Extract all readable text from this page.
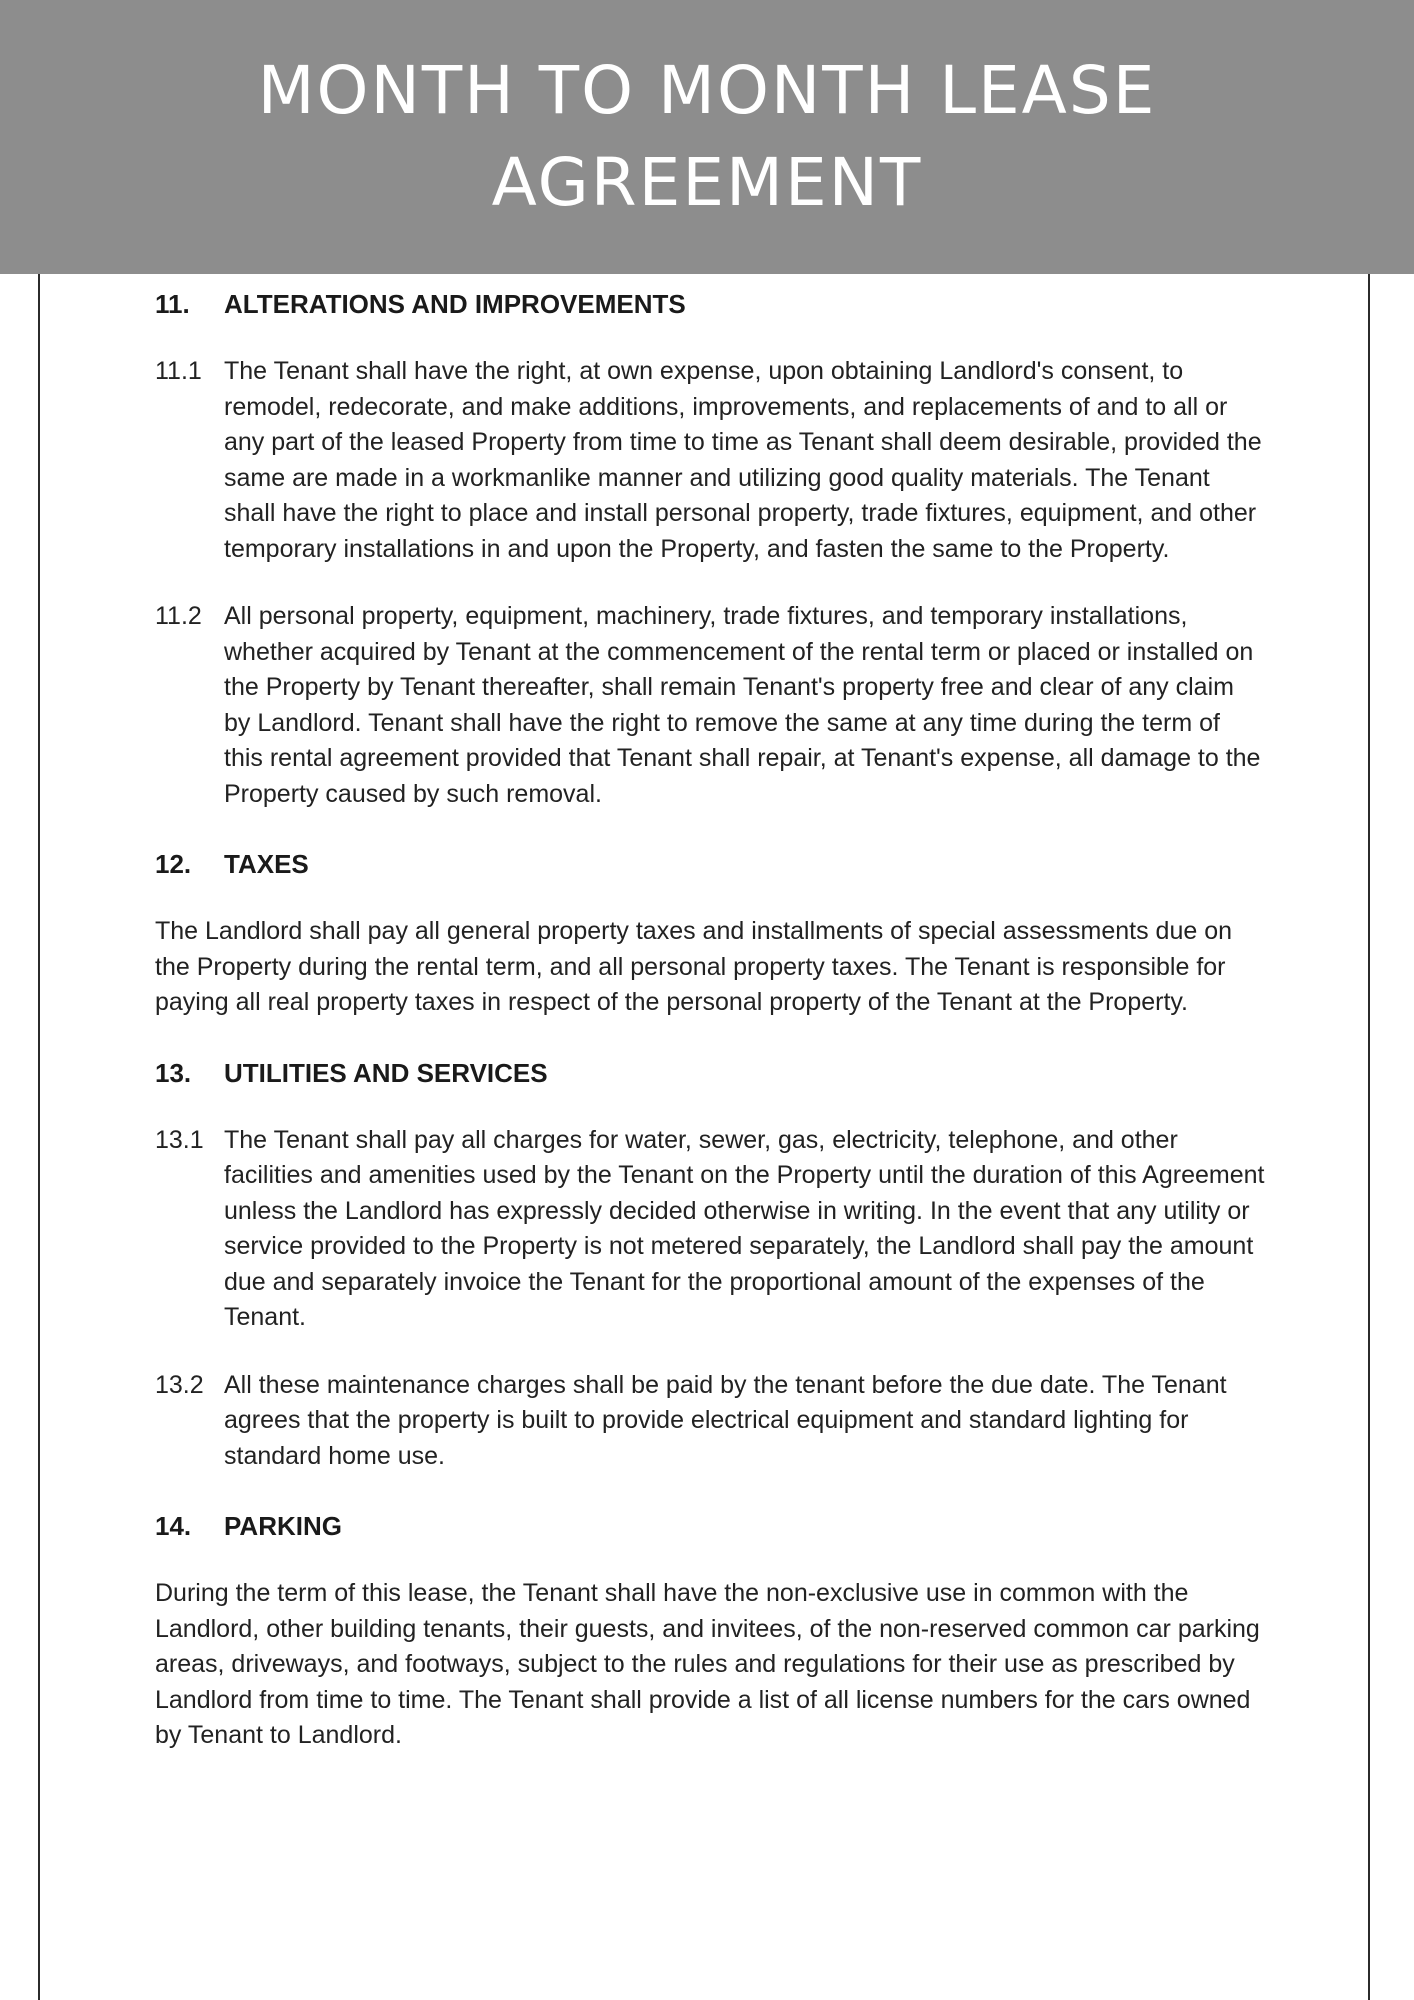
MONTH TO MONTH LEASE
AGREEMENT
11.	ALTERATIONS AND IMPROVEMENTS
11.1 The Tenant shall have the right, at own expense, upon obtaining Landlord's consent, to remodel, redecorate, and make additions, improvements, and replacements of and to all or any part of the leased Property from time to time as Tenant shall deem desirable, provided the same are made in a workmanlike manner and utilizing good quality materials. The Tenant shall have the right to place and install personal property, trade fixtures, equipment, and other temporary installations in and upon the Property, and fasten the same to the Property.
11.2 All personal property, equipment, machinery, trade fixtures, and temporary installations, whether acquired by Tenant at the commencement of the rental term or placed or installed on the Property by Tenant thereafter, shall remain Tenant's property free and clear of any claim by Landlord. Tenant shall have the right to remove the same at any time during the term of this rental agreement provided that Tenant shall repair, at Tenant's expense, all damage to the Property caused by such removal.
12.	TAXES
The Landlord shall pay all general property taxes and installments of special assessments due on the Property during the rental term, and all personal property taxes. The Tenant is responsible for paying all real property taxes in respect of the personal property of the Tenant at the Property.
13.	UTILITIES AND SERVICES
13.1 The Tenant shall pay all charges for water, sewer, gas, electricity, telephone, and other facilities and amenities used by the Tenant on the Property until the duration of this Agreement unless the Landlord has expressly decided otherwise in writing. In the event that any utility or service provided to the Property is not metered separately, the Landlord shall pay the amount due and separately invoice the Tenant for the proportional amount of the expenses of the Tenant.
13.2 All these maintenance charges shall be paid by the tenant before the due date. The Tenant agrees that the property is built to provide electrical equipment and standard lighting for standard home use.
14.	PARKING
During the term of this lease, the Tenant shall have the non-exclusive use in common with the Landlord, other building tenants, their guests, and invitees, of the non-reserved common car parking areas, driveways, and footways, subject to the rules and regulations for their use as prescribed by Landlord from time to time. The Tenant shall provide a list of all license numbers for the cars owned by Tenant to Landlord.
